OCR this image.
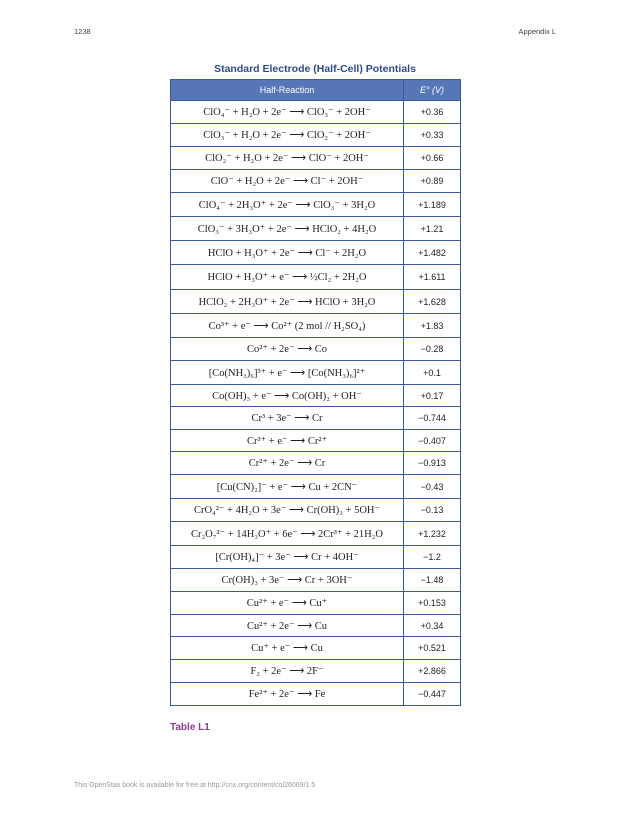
1238	Appendix L
Standard Electrode (Half-Cell) Potentials
Half-Reaction	E° (V)
ClO₄⁻ + H₂O + 2e⁻ ⟶ ClO₃⁻ + 2OH⁻	+0.36
ClO₃⁻ + H₂O + 2e⁻ ⟶ ClO₂⁻ + 2OH⁻	+0.33
ClO₂⁻ + H₂O + 2e⁻ ⟶ ClO⁻ + 2OH⁻	+0.66
ClO⁻ + H₂O + 2e⁻ ⟶ Cl⁻ + 2OH⁻	+0.89
ClO₄⁻ + 2H₃O⁺ + 2e⁻ ⟶ ClO₃⁻ + 3H₂O	+1.189
ClO₃⁻ + 3H₃O⁺ + 2e⁻ ⟶ HClO₂ + 4H₂O	+1.21
HClO + H₃O⁺ + 2e⁻ ⟶ Cl⁻ + 2H₂O	+1.482
HClO + H₃O⁺ + e⁻ ⟶ ½Cl₂ + 2H₂O	+1.611
HClO₂ + 2H₃O⁺ + 2e⁻ ⟶ HClO + 3H₂O	+1.628
Co³⁺ + e⁻ ⟶ Co²⁺ (2 mol // H₂SO₄)	+1.83
Co²⁺ + 2e⁻ ⟶ Co	−0.28
[Co(NH₃)₆]³⁺ + e⁻ ⟶ [Co(NH₃)₆]²⁺	+0.1
Co(OH)₃ + e⁻ ⟶ Co(OH)₂ + OH⁻	+0.17
Cr³ + 3e⁻ ⟶ Cr	−0.744
Cr³⁺ + e⁻ ⟶ Cr²⁺	−0.407
Cr²⁺ + 2e⁻ ⟶ Cr	−0.913
[Cu(CN)₂]⁻ + e⁻ ⟶ Cu + 2CN⁻	−0.43
CrO₄²⁻ + 4H₂O + 3e⁻ ⟶ Cr(OH)₃ + 5OH⁻	−0.13
Cr₂O₇²⁻ + 14H₃O⁺ + 6e⁻ ⟶ 2Cr³⁺ + 21H₂O	+1.232
[Cr(OH)₄]⁻ + 3e⁻ ⟶ Cr + 4OH⁻	−1.2
Cr(OH)₃ + 3e⁻ ⟶ Cr + 3OH⁻	−1.48
Cu²⁺ + e⁻ ⟶ Cu⁺	+0.153
Cu²⁺ + 2e⁻ ⟶ Cu	+0.34
Cu⁺ + e⁻ ⟶ Cu	+0.521
F₂ + 2e⁻ ⟶ 2F⁻	+2.866
Fe²⁺ + 2e⁻ ⟶ Fe	−0.447
Table L1
This OpenStax book is available for free at http://cnx.org/content/col26069/1.5
